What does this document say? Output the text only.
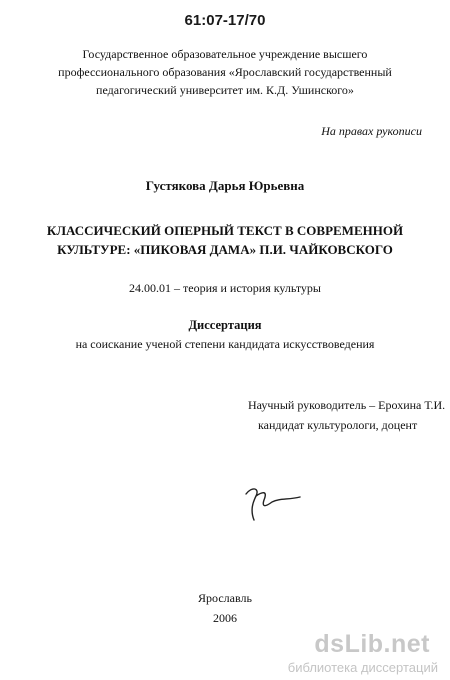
61:07-17/70
Государственное образовательное учреждение высшего
профессионального образования «Ярославский государственный
педагогический университет им. К.Д. Ушинского»
На правах рукописи
Густякова Дарья Юрьевна
КЛАССИЧЕСКИЙ ОПЕРНЫЙ ТЕКСТ В СОВРЕМЕННОЙ
КУЛЬТУРЕ: «ПИКОВАЯ ДАМА» П.И. ЧАЙКОВСКОГО
24.00.01 – теория и история культуры
Диссертация
на соискание ученой степени кандидата искусствоведения
Научный руководитель – Ерохина Т.И.
кандидат культурологи, доцент
Ярославль
2006
dsLib.net
библиотека диссертаций
